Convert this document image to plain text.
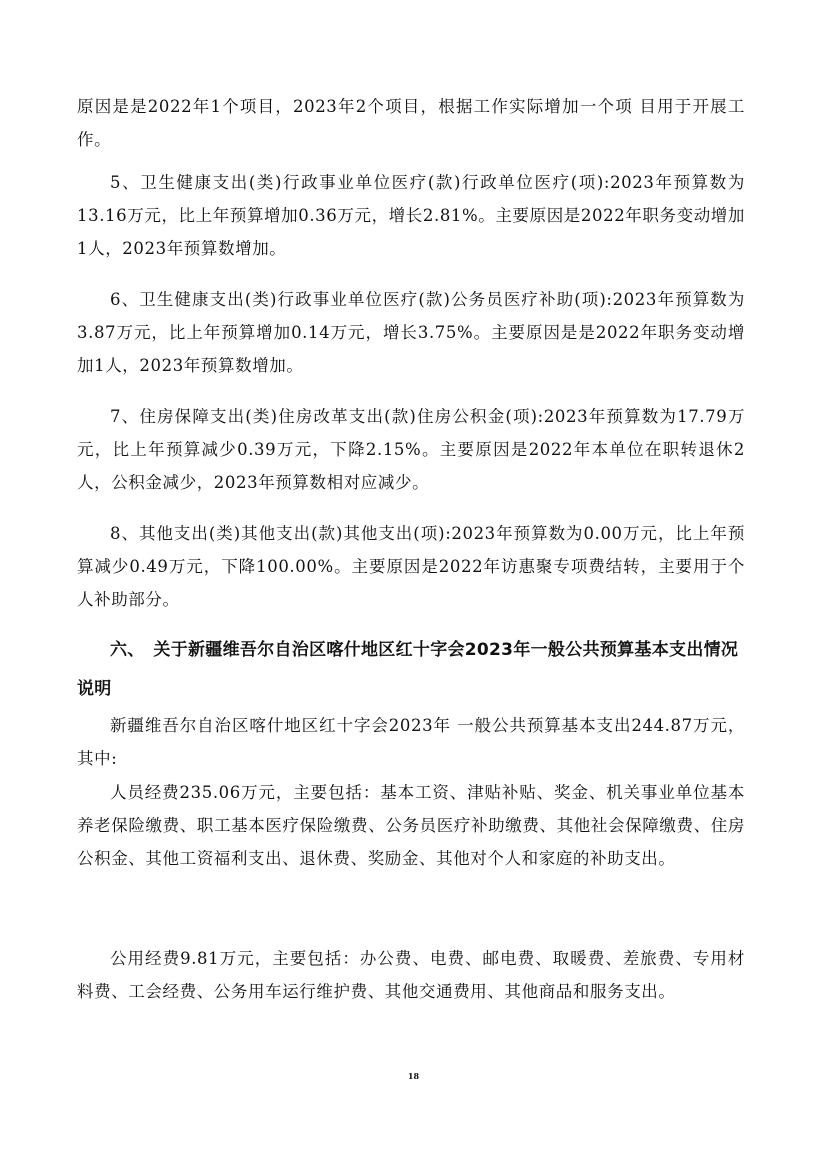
原因是是2022年1个项目，2023年2个项目，根据工作实际增加一个项 目用于开展工作。

5、卫生健康支出(类)行政事业单位医疗(款)行政单位医疗(项):2023年预算数为13.16万元，比上年预算增加0.36万元，增长2.81%。主要原因是2022年职务变动增加1人，2023年预算数增加。

6、卫生健康支出(类)行政事业单位医疗(款)公务员医疗补助(项):2023年预算数为3.87万元，比上年预算增加0.14万元，增长3.75%。主要原因是是2022年职务变动增加1人，2023年预算数增加。

7、住房保障支出(类)住房改革支出(款)住房公积金(项):2023年预算数为17.79万元，比上年预算减少0.39万元，下降2.15%。主要原因是2022年本单位在职转退休2人，公积金减少，2023年预算数相对应减少。

8、其他支出(类)其他支出(款)其他支出(项):2023年预算数为0.00万元，比上年预算减少0.49万元，下降100.00%。主要原因是2022年访惠聚专项费结转，主要用于个人补助部分。

六、　关于新疆维吾尔自治区喀什地区红十字会2023年一般公共预算基本支出情况说明

新疆维吾尔自治区喀什地区红十字会2023年 一般公共预算基本支出244.87万元，其中:

人员经费235.06万元，主要包括：基本工资、津贴补贴、奖金、机关事业单位基本养老保险缴费、职工基本医疗保险缴费、公务员医疗补助缴费、其他社会保障缴费、住房公积金、其他工资福利支出、退休费、奖励金、其他对个人和家庭的补助支出。

公用经费9.81万元，主要包括：办公费、电费、邮电费、取暖费、差旅费、专用材料费、工会经费、公务用车运行维护费、其他交通费用、其他商品和服务支出。

18
